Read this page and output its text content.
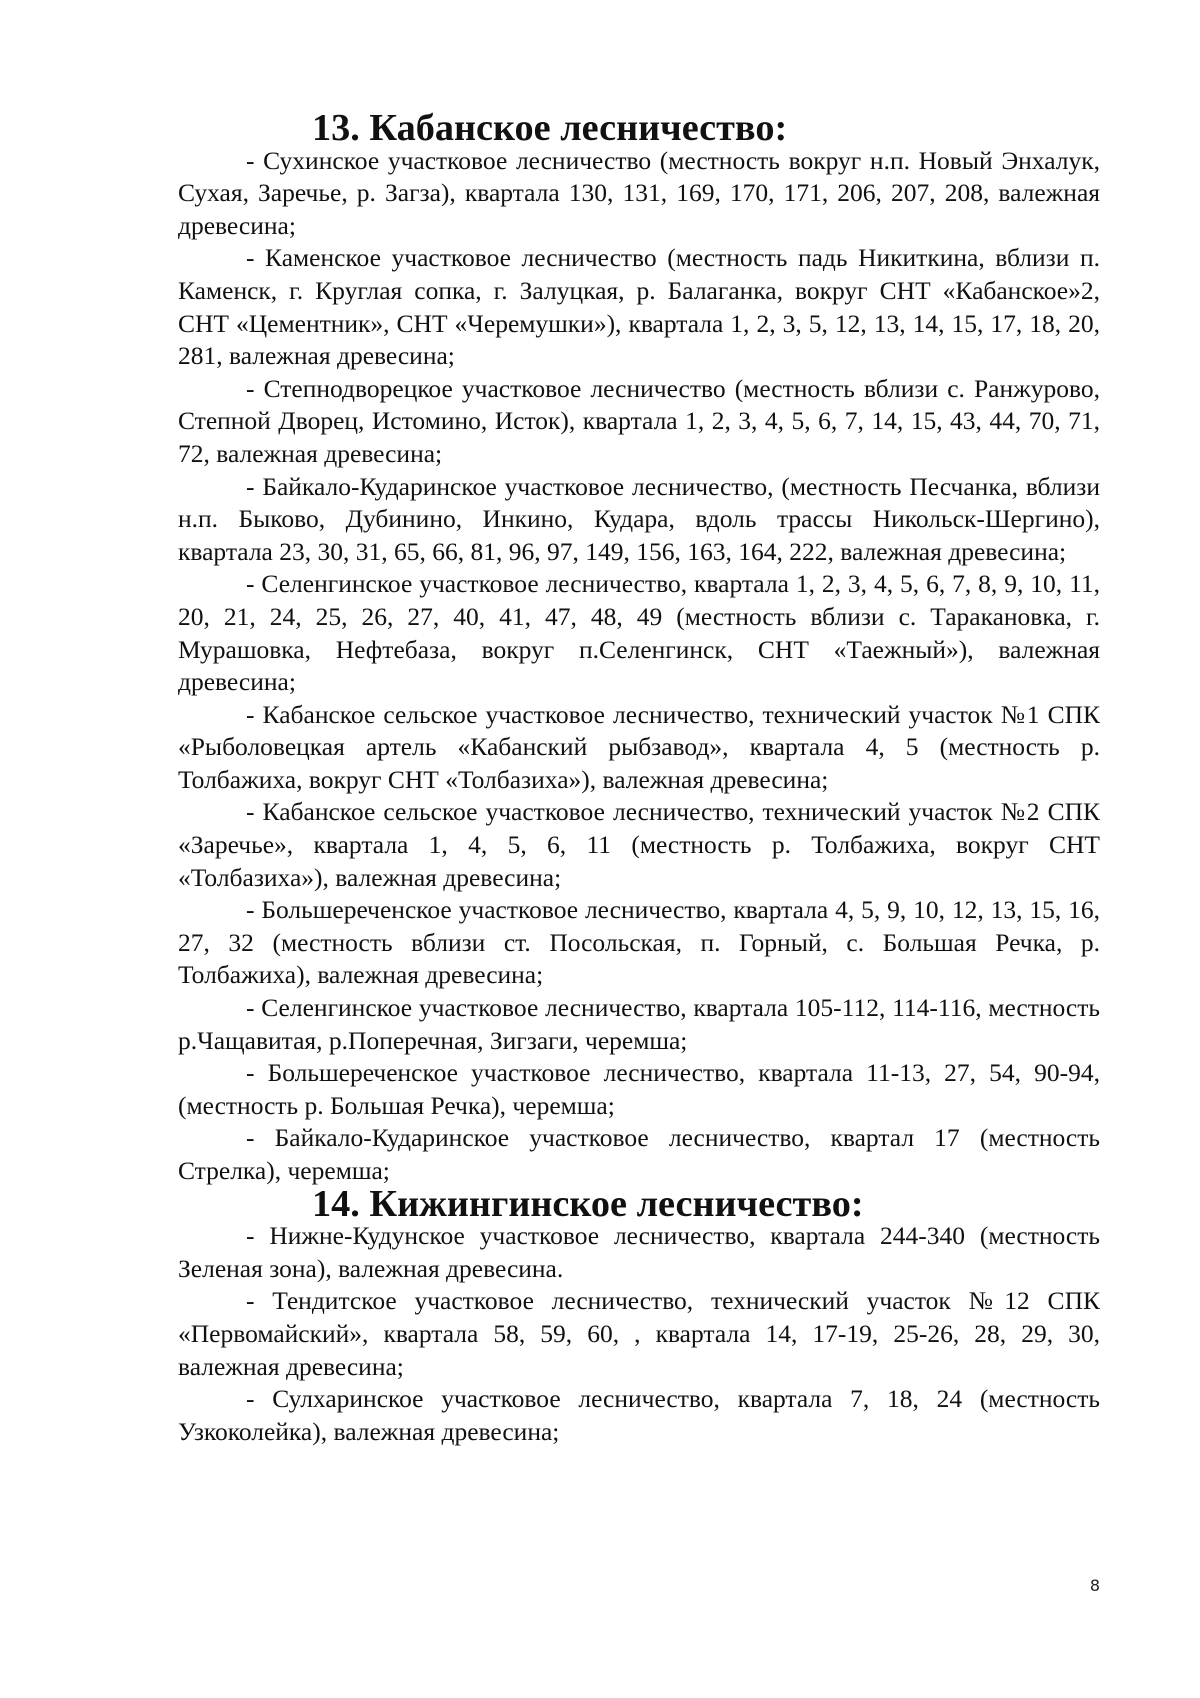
13. Кабанское лесничество:

- Сухинское участковое лесничество (местность вокруг н.п. Новый Энхалук, Сухая, Заречье, р. Загза), квартала 130, 131, 169, 170, 171, 206, 207, 208, валежная древесина;

- Каменское участковое лесничество (местность падь Никиткина, вблизи п. Каменск, г. Круглая сопка, г. Залуцкая, р. Балаганка, вокруг СНТ «Кабанское»2, СНТ «Цементник», СНТ «Черемушки»), квартала 1, 2, 3, 5, 12, 13, 14, 15, 17, 18, 20, 281, валежная древесина;

- Степнодворецкое участковое лесничество (местность вблизи с. Ранжурово, Степной Дворец, Истомино, Исток), квартала 1, 2, 3, 4, 5, 6, 7, 14, 15, 43, 44, 70, 71, 72, валежная древесина;

- Байкало-Кударинское участковое лесничество, (местность Песчанка, вблизи н.п. Быково, Дубинино, Инкино, Кудара, вдоль трассы Никольск-Шергино), квартала 23, 30, 31, 65, 66, 81, 96, 97, 149, 156, 163, 164, 222, валежная древесина;

- Селенгинское участковое лесничество, квартала 1, 2, 3, 4, 5, 6, 7, 8, 9, 10, 11, 20, 21, 24, 25, 26, 27, 40, 41, 47, 48, 49 (местность вблизи с. Таракановка, г. Мурашовка, Нефтебаза, вокруг п.Селенгинск, СНТ «Таежный»), валежная древесина;

- Кабанское сельское участковое лесничество, технический участок №1 СПК «Рыболовецкая артель «Кабанский рыбзавод», квартала 4, 5 (местность р. Толбажиха, вокруг СНТ «Толбазиха»), валежная древесина;

- Кабанское сельское участковое лесничество, технический участок №2 СПК «Заречье», квартала 1, 4, 5, 6, 11 (местность р. Толбажиха, вокруг СНТ «Толбазиха»), валежная древесина;

- Большереченское участковое лесничество, квартала 4, 5, 9, 10, 12, 13, 15, 16, 27, 32 (местность вблизи ст. Посольская, п. Горный, с. Большая Речка, р. Толбажиха), валежная древесина;

- Селенгинское участковое лесничество, квартала 105-112, 114-116, местность р.Чащавитая, р.Поперечная, Зигзаги, черемша;

- Большереченское участковое лесничество, квартала 11-13, 27, 54, 90-94, (местность р. Большая Речка), черемша;

- Байкало-Кударинское участковое лесничество, квартал 17 (местность Стрелка), черемша;

14. Кижингинское лесничество:

- Нижне-Кудунское участковое лесничество, квартала 244-340 (местность Зеленая зона), валежная древесина.

- Тендитское участковое лесничество, технический участок №12 СПК «Первомайский», квартала 58, 59, 60, , квартала 14, 17-19, 25-26, 28, 29, 30, валежная древесина;

- Сулхаринское участковое лесничество, квартала 7, 18, 24 (местность Узкоколейка), валежная древесина;

8
